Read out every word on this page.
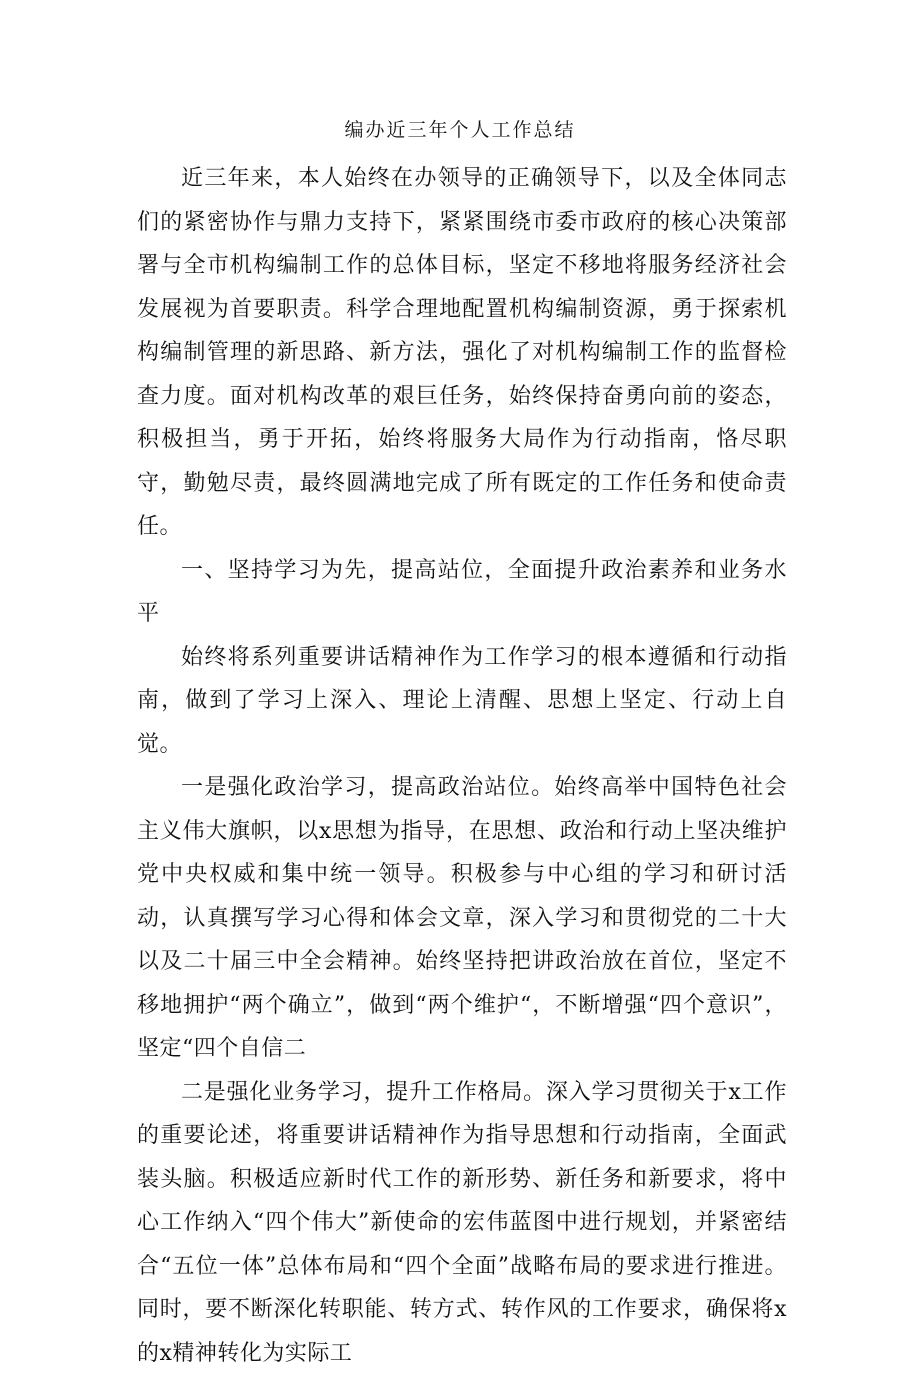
编办近三年个人工作总结

近三年来，本人始终在办领导的正确领导下，以及全体同志们的紧密协作与鼎力支持下，紧紧围绕市委市政府的核心决策部署与全市机构编制工作的总体目标，坚定不移地将服务经济社会发展视为首要职责。科学合理地配置机构编制资源，勇于探索机构编制管理的新思路、新方法，强化了对机构编制工作的监督检查力度。面对机构改革的艰巨任务，始终保持奋勇向前的姿态，积极担当，勇于开拓，始终将服务大局作为行动指南，恪尽职守，勤勉尽责，最终圆满地完成了所有既定的工作任务和使命责任。

一、坚持学习为先，提高站位，全面提升政治素养和业务水平

始终将系列重要讲话精神作为工作学习的根本遵循和行动指南，做到了学习上深入、理论上清醒、思想上坚定、行动上自觉。

一是强化政治学习，提高政治站位。始终高举中国特色社会主义伟大旗帜，以x思想为指导，在思想、政治和行动上坚决维护党中央权威和集中统一领导。积极参与中心组的学习和研讨活动，认真撰写学习心得和体会文章，深入学习和贯彻党的二十大以及二十届三中全会精神。始终坚持把讲政治放在首位，坚定不移地拥护“两个确立”，做到“两个维护“，不断增强“四个意识”，坚定“四个自信二

二是强化业务学习，提升工作格局。深入学习贯彻关于x工作的重要论述，将重要讲话精神作为指导思想和行动指南，全面武装头脑。积极适应新时代工作的新形势、新任务和新要求，将中心工作纳入“四个伟大”新使命的宏伟蓝图中进行规划，并紧密结合“五位一体”总体布局和“四个全面”战略布局的要求进行推进。同时，要不断深化转职能、转方式、转作风的工作要求，确保将x的x精神转化为实际工
